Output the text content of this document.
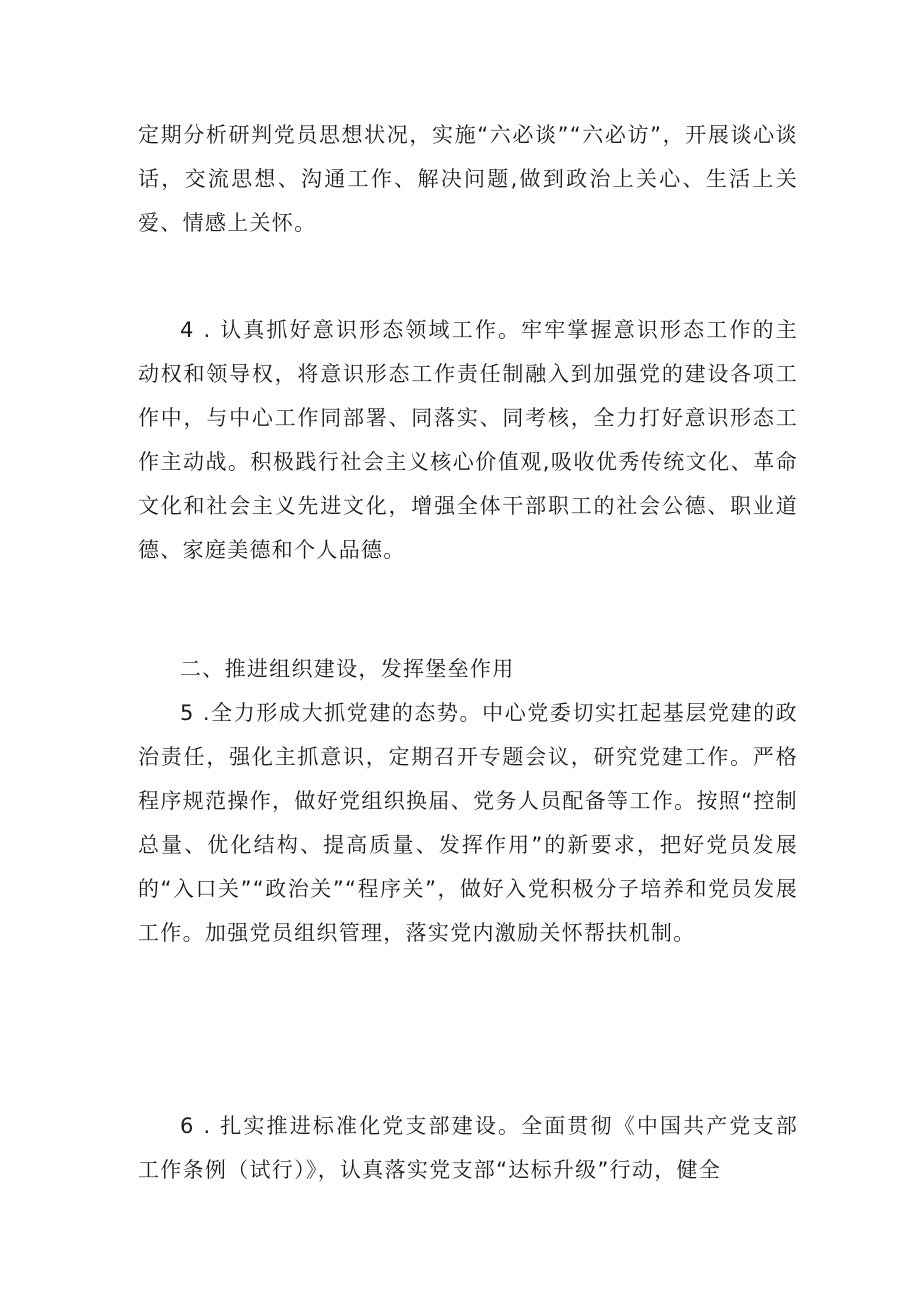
定期分析研判党员思想状况，实施“六必谈”“六必访”，开展谈心谈话，交流思想、沟通工作、解决问题,做到政治上关心、生活上关爱、情感上关怀。

4 . 认真抓好意识形态领域工作。牢牢掌握意识形态工作的主动权和领导权，将意识形态工作责任制融入到加强党的建设各项工作中，与中心工作同部署、同落实、同考核，全力打好意识形态工作主动战。积极践行社会主义核心价值观,吸收优秀传统文化、革命文化和社会主义先进文化，增强全体干部职工的社会公德、职业道德、家庭美德和个人品德。

二、推进组织建设，发挥堡垒作用

5 .全力形成大抓党建的态势。中心党委切实扛起基层党建的政治责任，强化主抓意识，定期召开专题会议，研究党建工作。严格程序规范操作，做好党组织换届、党务人员配备等工作。按照“控制总量、优化结构、提高质量、发挥作用”的新要求，把好党员发展的“入口关”“政治关”“程序关”，做好入党积极分子培养和党员发展工作。加强党员组织管理，落实党内激励关怀帮扶机制。

6 . 扎实推进标准化党支部建设。全面贯彻《中国共产党支部工作条例（试行）》，认真落实党支部“达标升级”行动，健全
